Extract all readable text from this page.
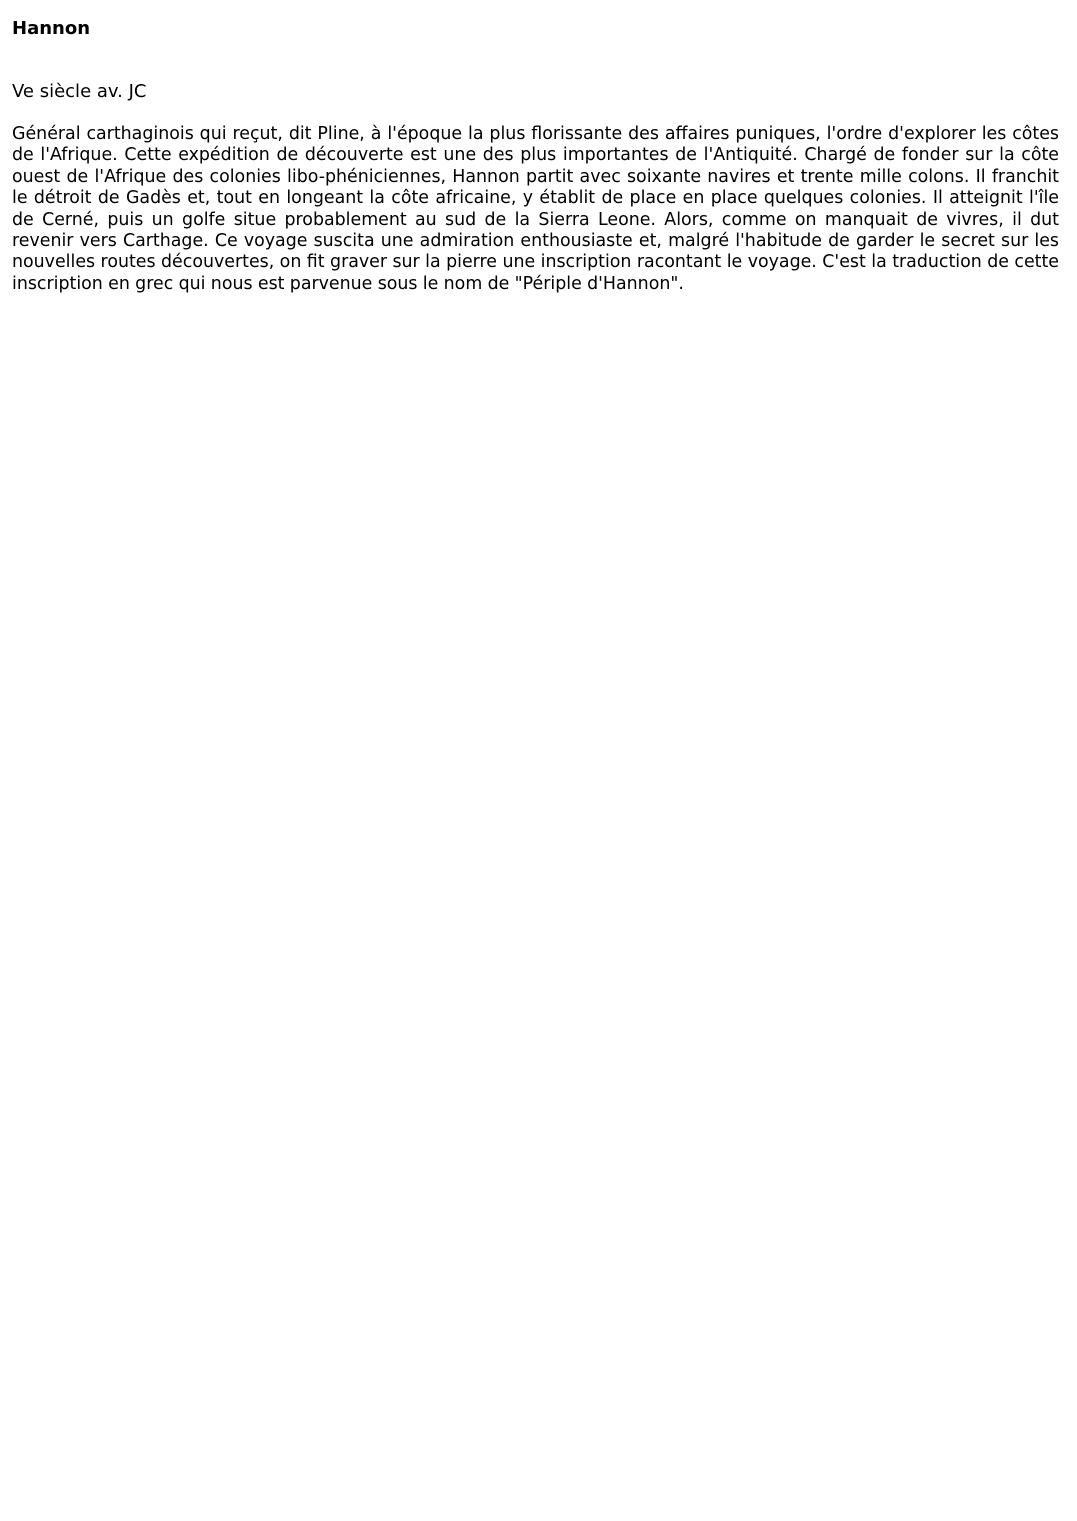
Hannon

Ve siècle av. JC

Général carthaginois qui reçut, dit Pline, à l'époque la plus florissante des affaires puniques, l'ordre d'explorer les côtes de l'Afrique. Cette expédition de découverte est une des plus importantes de l'Antiquité. Chargé de fonder sur la côte ouest de l'Afrique des colonies libo-phéniciennes, Hannon partit avec soixante navires et trente mille colons. Il franchit le détroit de Gadès et, tout en longeant la côte africaine, y établit de place en place quelques colonies. Il atteignit l'île de Cerné, puis un golfe situe probablement au sud de la Sierra Leone. Alors, comme on manquait de vivres, il dut revenir vers Carthage. Ce voyage suscita une admiration enthousiaste et, malgré l'habitude de garder le secret sur les nouvelles routes découvertes, on fit graver sur la pierre une inscription racontant le voyage. C'est la traduction de cette inscription en grec qui nous est parvenue sous le nom de "Périple d'Hannon".
